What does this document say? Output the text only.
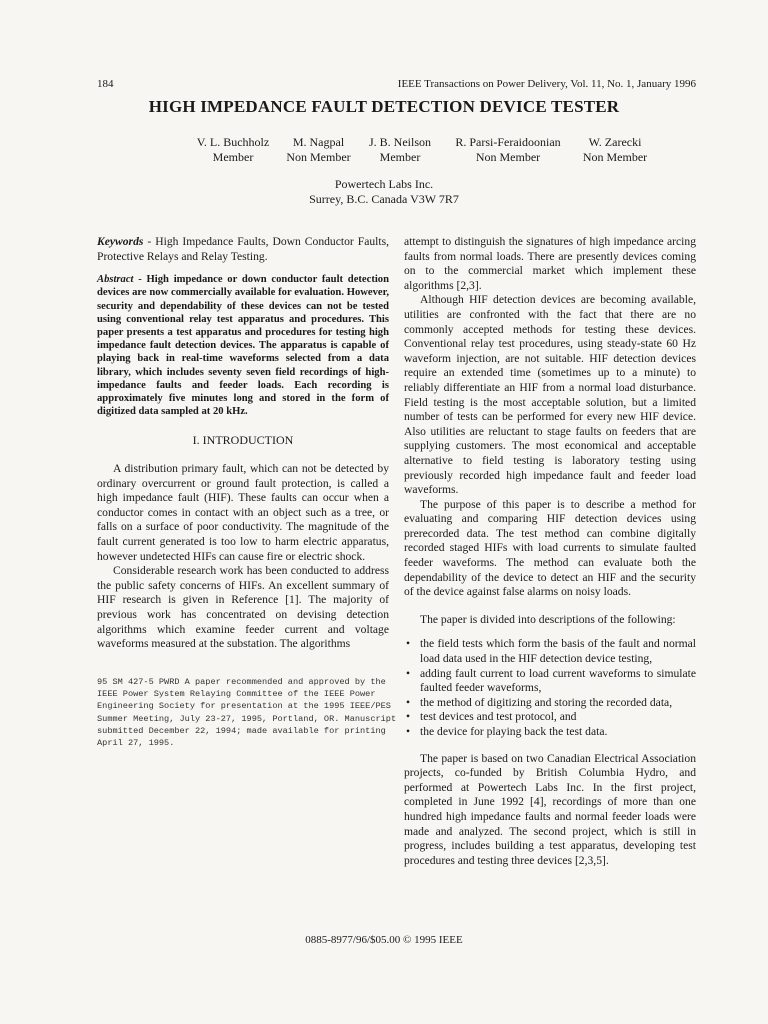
184	IEEE Transactions on Power Delivery, Vol. 11, No. 1, January 1996
HIGH IMPEDANCE FAULT DETECTION DEVICE TESTER
V. L. Buchholz
Member
M. Nagpal
Non Member
J. B. Neilson
Member
R. Parsi-Feraidoonian
Non Member
W. Zarecki
Non Member
Powertech Labs Inc.
Surrey, B.C. Canada V3W 7R7

Keywords - High Impedance Faults, Down Conductor Faults, Protective Relays and Relay Testing.

Abstract - High impedance or down conductor fault detection devices are now commercially available for evaluation. However, security and dependability of these devices can not be tested using conventional relay test apparatus and procedures. This paper presents a test apparatus and procedures for testing high impedance fault detection devices. The apparatus is capable of playing back in real-time waveforms selected from a data library, which includes seventy seven field recordings of high-impedance faults and feeder loads. Each recording is approximately five minutes long and stored in the form of digitized data sampled at 20 kHz.

I. INTRODUCTION

A distribution primary fault, which can not be detected by ordinary overcurrent or ground fault protection, is called a high impedance fault (HIF). These faults can occur when a conductor comes in contact with an object such as a tree, or falls on a surface of poor conductivity. The magnitude of the fault current generated is too low to harm electric apparatus, however undetected HIFs can cause fire or electric shock.

Considerable research work has been conducted to address the public safety concerns of HIFs. An excellent summary of HIF research is given in Reference [1]. The majority of previous work has concentrated on devising detection algorithms which examine feeder current and voltage waveforms measured at the substation. The algorithms

95 SM 427-5 PWRD A paper recommended and approved by the IEEE Power System Relaying Committee of the IEEE Power Engineering Society for presentation at the 1995 IEEE/PES Summer Meeting, July 23-27, 1995, Portland, OR. Manuscript submitted December 22, 1994; made available for printing April 27, 1995.

attempt to distinguish the signatures of high impedance arcing faults from normal loads. There are presently devices coming on to the commercial market which implement these algorithms [2,3].

Although HIF detection devices are becoming available, utilities are confronted with the fact that there are no commonly accepted methods for testing these devices. Conventional relay test procedures, using steady-state 60 Hz waveform injection, are not suitable. HIF detection devices require an extended time (sometimes up to a minute) to reliably differentiate an HIF from a normal load disturbance. Field testing is the most acceptable solution, but a limited number of tests can be performed for every new HIF device. Also utilities are reluctant to stage faults on feeders that are supplying customers. The most economical and acceptable alternative to field testing is laboratory testing using previously recorded high impedance fault and feeder load waveforms.

The purpose of this paper is to describe a method for evaluating and comparing HIF detection devices using prerecorded data. The test method can combine digitally recorded staged HIFs with load currents to simulate faulted feeder waveforms. The method can evaluate both the dependability of the device to detect an HIF and the security of the device against false alarms on noisy loads.

The paper is divided into descriptions of the following:

• the field tests which form the basis of the fault and normal load data used in the HIF detection device testing,
• adding fault current to load current waveforms to simulate faulted feeder waveforms,
• the method of digitizing and storing the recorded data,
• test devices and test protocol, and
• the device for playing back the test data.

The paper is based on two Canadian Electrical Association projects, co-funded by British Columbia Hydro, and performed at Powertech Labs Inc. In the first project, completed in June 1992 [4], recordings of more than one hundred high impedance faults and normal feeder loads were made and analyzed. The second project, which is still in progress, includes building a test apparatus, developing test procedures and testing three devices [2,3,5].

0885-8977/96/$05.00 © 1995 IEEE
